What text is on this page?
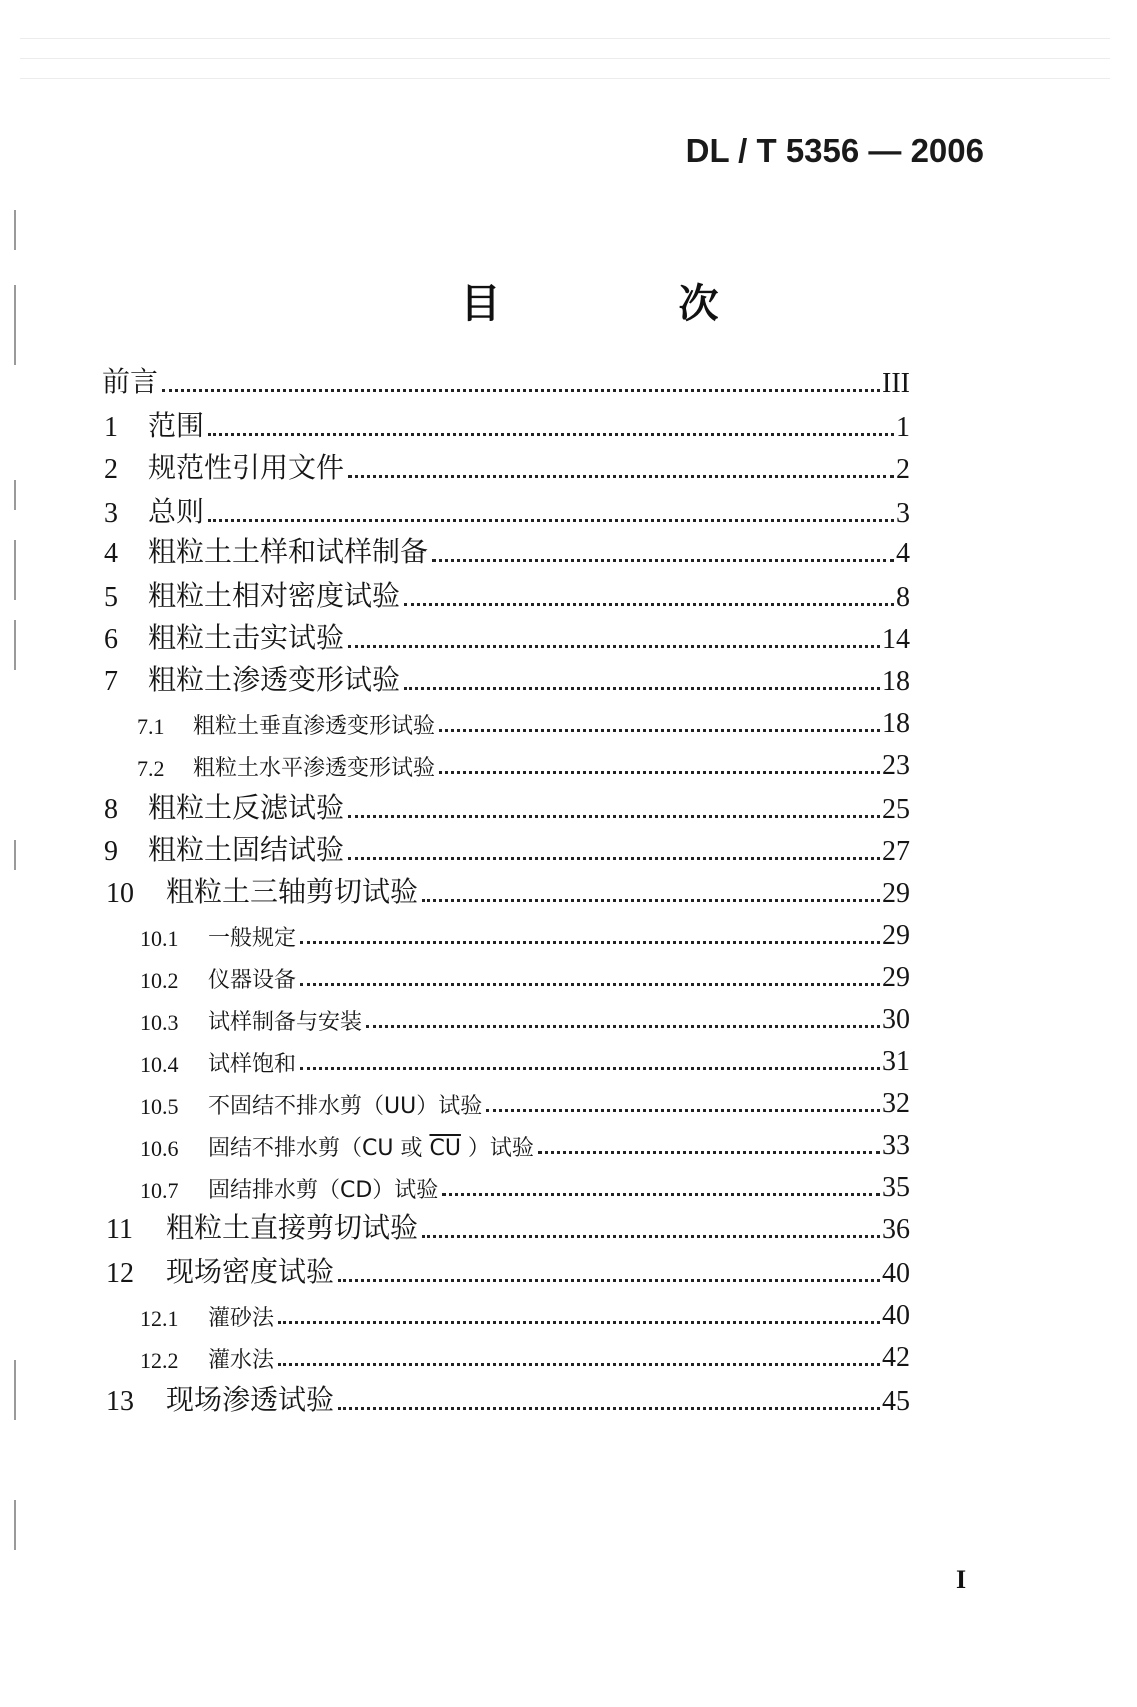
DL / T 5356 — 2006
目 次
前言	III
1	范围	1
2	规范性引用文件	2
3	总则	3
4	粗粒土土样和试样制备	4
5	粗粒土相对密度试验	8
6	粗粒土击实试验	14
7	粗粒土渗透变形试验	18
7.1	粗粒土垂直渗透变形试验	18
7.2	粗粒土水平渗透变形试验	23
8	粗粒土反滤试验	25
9	粗粒土固结试验	27
10	粗粒土三轴剪切试验	29
10.1	一般规定	29
10.2	仪器设备	29
10.3	试样制备与安装	30
10.4	试样饱和	31
10.5	不固结不排水剪（UU）试验	32
10.6	固结不排水剪（CU 或 $\overline{CU}$ ）试验	33
10.7	固结排水剪（CD）试验	35
11	粗粒土直接剪切试验	36
12	现场密度试验	40
12.1	灌砂法	40
12.2	灌水法	42
13	现场渗透试验	45
I
